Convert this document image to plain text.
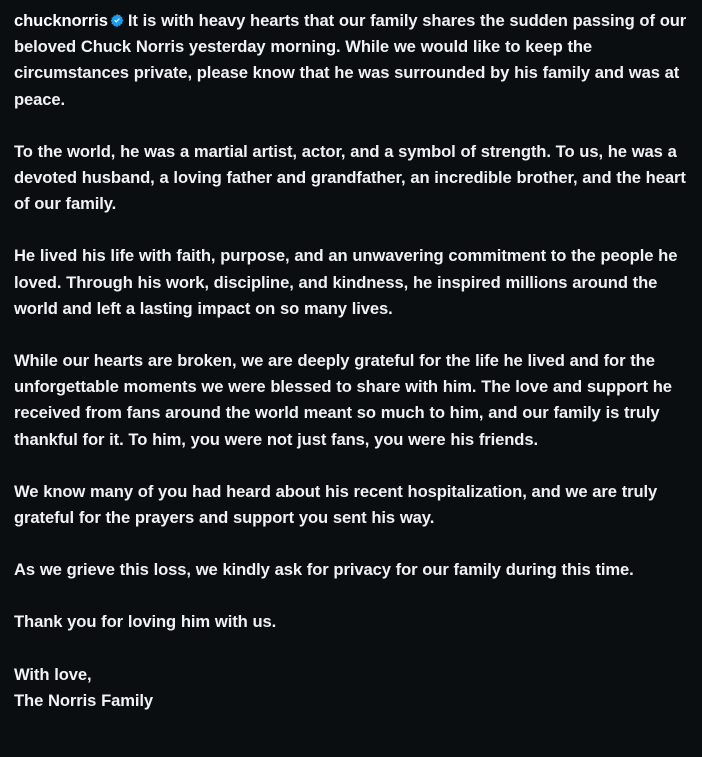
chucknorris It is with heavy hearts that our family shares the sudden passing of our beloved Chuck Norris yesterday morning. While we would like to keep the circumstances private, please know that he was surrounded by his family and was at peace.

To the world, he was a martial artist, actor, and a symbol of strength. To us, he was a devoted husband, a loving father and grandfather, an incredible brother, and the heart of our family.

He lived his life with faith, purpose, and an unwavering commitment to the people he loved. Through his work, discipline, and kindness, he inspired millions around the world and left a lasting impact on so many lives.

While our hearts are broken, we are deeply grateful for the life he lived and for the unforgettable moments we were blessed to share with him. The love and support he received from fans around the world meant so much to him, and our family is truly thankful for it. To him, you were not just fans, you were his friends.

We know many of you had heard about his recent hospitalization, and we are truly grateful for the prayers and support you sent his way.

As we grieve this loss, we kindly ask for privacy for our family during this time.

Thank you for loving him with us.

With love,
The Norris Family
